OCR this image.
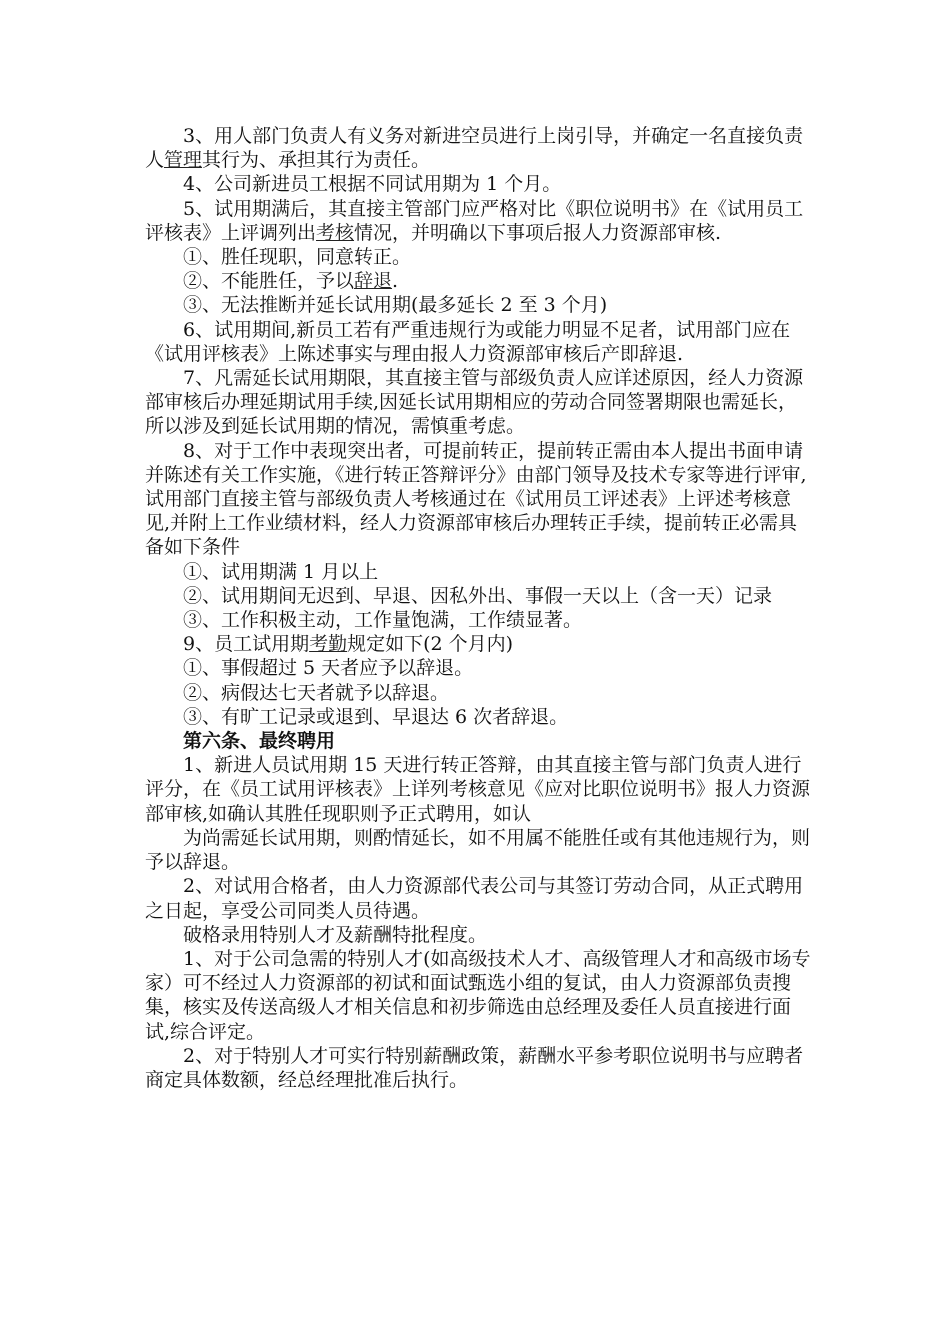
3、用人部门负责人有义务对新进空员进行上岗引导，并确定一名直接负责人管理其行为、承担其行为责任。

4、公司新进员工根据不同试用期为 1 个月。

5、试用期满后，其直接主管部门应严格对比《职位说明书》在《试用员工评核表》上评调列出考核情况，并明确以下事项后报人力资源部审核.

①、胜任现职，同意转正。

②、不能胜任，予以辞退.

③、无法推断并延长试用期(最多延长 2 至 3 个月)

6、试用期间,新员工若有严重违规行为或能力明显不足者，试用部门应在《试用评核表》上陈述事实与理由报人力资源部审核后产即辞退.

7、凡需延长试用期限，其直接主管与部级负责人应详述原因，经人力资源部审核后办理延期试用手续,因延长试用期相应的劳动合同签署期限也需延长，所以涉及到延长试用期的情况，需慎重考虑。

8、对于工作中表现突出者，可提前转正，提前转正需由本人提出书面申请并陈述有关工作实施，《进行转正答辩评分》由部门领导及技术专家等进行评审,试用部门直接主管与部级负责人考核通过在《试用员工评述表》上评述考核意见,并附上工作业绩材料，经人力资源部审核后办理转正手续，提前转正必需具备如下条件

①、试用期满 1 月以上

②、试用期间无迟到、早退、因私外出、事假一天以上（含一天）记录

③、工作积极主动，工作量饱满，工作绩显著。

9、员工试用期考勤规定如下(2 个月内)

①、事假超过 5 天者应予以辞退。

②、病假达七天者就予以辞退。

③、有旷工记录或退到、早退达 6 次者辞退。

第六条、最终聘用

1、新进人员试用期 15 天进行转正答辩，由其直接主管与部门负责人进行评分，在《员工试用评核表》上详列考核意见《应对比职位说明书》报人力资源部审核,如确认其胜任现职则予正式聘用，如认

为尚需延长试用期，则酌情延长，如不用属不能胜任或有其他违规行为，则予以辞退。

2、对试用合格者，由人力资源部代表公司与其签订劳动合同，从正式聘用之日起，享受公司同类人员待遇。

破格录用特别人才及薪酬特批程度。

1、对于公司急需的特别人才(如高级技术人才、高级管理人才和高级市场专家）可不经过人力资源部的初试和面试甄选小组的复试，由人力资源部负责搜集，核实及传送高级人才相关信息和初步筛选由总经理及委任人员直接进行面试,综合评定。

2、对于特别人才可实行特别薪酬政策，薪酬水平参考职位说明书与应聘者商定具体数额，经总经理批准后执行。
